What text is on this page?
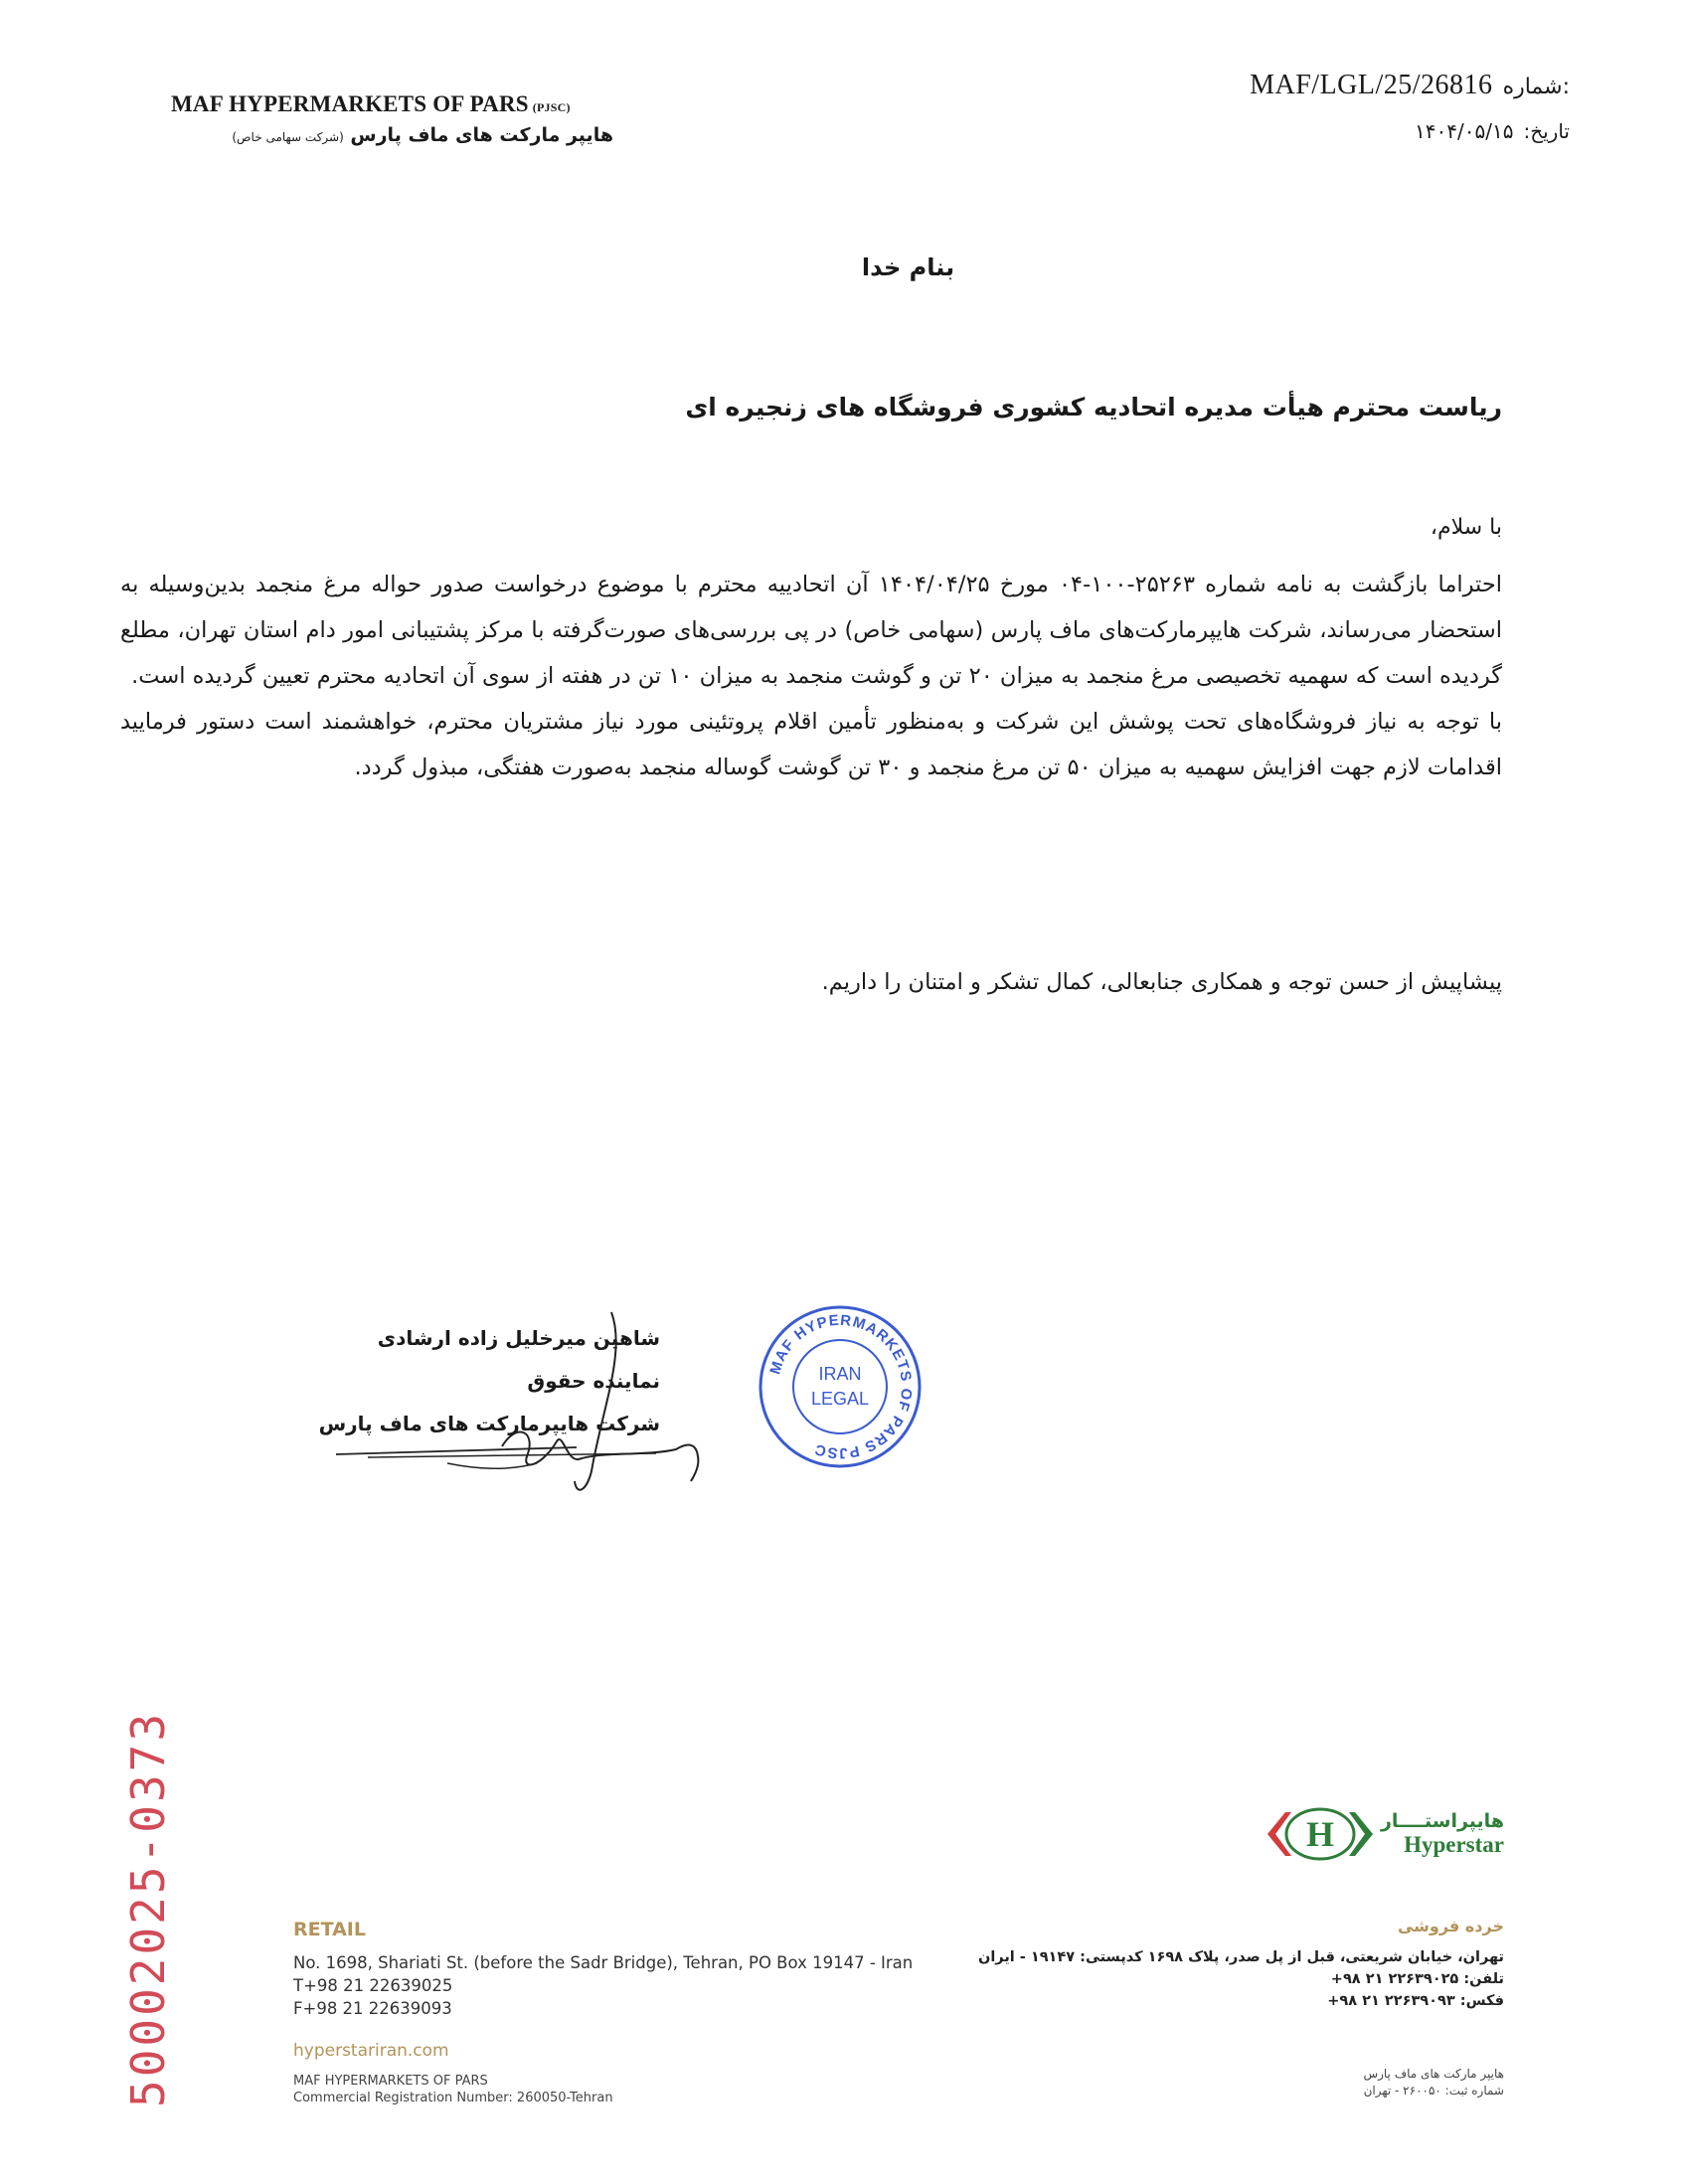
MAF HYPERMARKETS OF PARS (PJSC)
هایپر مارکت های ماف پارس (شرکت سهامی خاص)
MAF/LGL/25/26816 شماره:
تاریخ:
۱۴۰۴/۰۵/۱۵
بنام خدا
ریاست محترم هیأت مدیره اتحادیه کشوری فروشگاه های زنجیره ای
با سلام،

احتراما بازگشت به نامه شماره ۲۵۲۶۳-۱۰۰-۰۴ مورخ ۱۴۰۴/۰۴/۲۵ آن اتحادییه محترم با موضوع درخواست صدور حواله مرغ منجمد بدین‌وسیله به استحضار می‌رساند، شرکت هایپرمارکت‌های ماف پارس (سهامی خاص) در پی بررسی‌های صورت‌گرفته با مرکز پشتیبانی امور دام استان تهران، مطلع گردیده است که سهمیه تخصیصی مرغ منجمد به میزان ۲۰ تن و گوشت منجمد به میزان ۱۰ تن در هفته از سوی آن اتحادیه محترم تعیین گردیده است.

با توجه به نیاز فروشگاه‌های تحت پوشش این شرکت و به‌منظور تأمین اقلام پروتئینی مورد نیاز مشتریان محترم، خواهشمند است دستور فرمایید اقدامات لازم جهت افزایش سهمیه به میزان ۵۰ تن مرغ منجمد و ۳۰ تن گوشت گوساله منجمد به‌صورت هفتگی، مبذول گردد.

پیشاپیش از حسن توجه و همکاری جنابعالی، کمال تشکر و امتنان را داریم.
شاهین میرخلیل زاده ارشادی
نماینده حقوق
شرکت هایپرمارکت های ماف پارس
MAF HYPERMARKETS OF PARS PJSC
IRAN
LEGAL
50002025-0373	RETAIL
No. 1698, Shariati St. (before the Sadr Bridge), Tehran, PO Box 19147 - Iran
T+98 21 22639025
F+98 21 22639093
hyperstariran.com
MAF HYPERMARKETS OF PARS
Commercial Registration Number: 260050-Tehran
H هایپراستــــار
Hyperstar
خرده فروشی
تهران، خیابان شریعتی، قبل از پل صدر، پلاک ۱۶۹۸ کدپستی: ۱۹۱۴۷ - ایران
تلفن: ۲۲۶۳۹۰۲۵ ۲۱ ۹۸+
فکس: ۲۲۶۳۹۰۹۳ ۲۱ ۹۸+
هایپر مارکت های ماف پارس
شماره ثبت: ۲۶۰۰۵۰ - تهران
